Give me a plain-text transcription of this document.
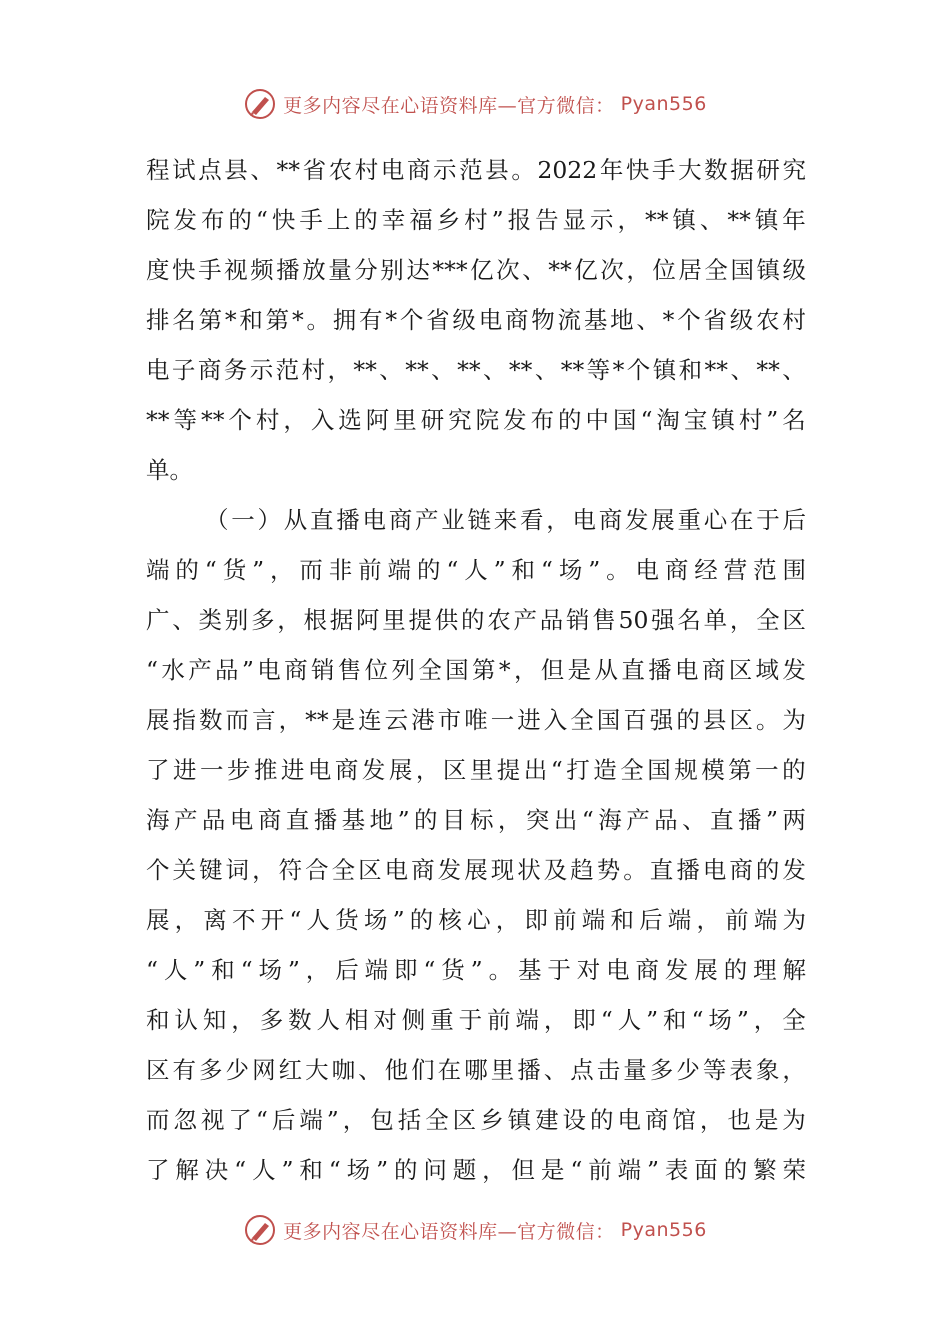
更多内容尽在心语资料库—官方微信： Pyan556
程 试 点 县 、 ** 省 农 村 电 商 示 范 县 。 2022 年 快 手 大 数 据 研 究
院 发 布 的 “ 快 手 上 的 幸 福 乡 村 ” 报 告 显 示 ， ** 镇 、 ** 镇 年
度 快 手 视 频 播 放 量 分 别 达 *** 亿 次 、 ** 亿 次 ， 位 居 全 国 镇 级
排 名 第 * 和 第 * 。 拥 有 * 个 省 级 电 商 物 流 基 地 、 * 个 省 级 农 村
电 子 商 务 示 范 村 ， ** 、 ** 、 ** 、 ** 、 ** 等 * 个 镇 和 ** 、 ** 、
** 等 ** 个 村 ， 入 选 阿 里 研 究 院 发 布 的 中 国 “ 淘 宝 镇 村 ” 名
单。
（ 一 ） 从 直 播 电 商 产 业 链 来 看 ， 电 商 发 展 重 心 在 于 后
端 的 “ 货 ” ， 而 非 前 端 的 “ 人 ” 和 “ 场 ” 。 电 商 经 营 范 围
广 、 类 别 多 ， 根 据 阿 里 提 供 的 农 产 品 销 售 50 强 名 单 ， 全 区
“ 水 产 品 ” 电 商 销 售 位 列 全 国 第 * ， 但 是 从 直 播 电 商 区 域 发
展 指 数 而 言 ， ** 是 连 云 港 市 唯 一 进 入 全 国 百 强 的 县 区 。 为
了 进 一 步 推 进 电 商 发 展 ， 区 里 提 出 “ 打 造 全 国 规 模 第 一 的
海 产 品 电 商 直 播 基 地 ” 的 目 标 ， 突 出 “ 海 产 品 、 直 播 ” 两
个 关 键 词 ， 符 合 全 区 电 商 发 展 现 状 及 趋 势 。 直 播 电 商 的 发
展 ， 离 不 开 “ 人 货 场 ” 的 核 心 ， 即 前 端 和 后 端 ， 前 端 为
“ 人 ” 和 “ 场 ” ， 后 端 即 “ 货 ” 。 基 于 对 电 商 发 展 的 理 解
和 认 知 ， 多 数 人 相 对 侧 重 于 前 端 ， 即 “ 人 ” 和 “ 场 ” ， 全
区 有 多 少 网 红 大 咖 、 他 们 在 哪 里 播 、 点 击 量 多 少 等 表 象 ，
而 忽 视 了 “ 后 端 ” ， 包 括 全 区 乡 镇 建 设 的 电 商 馆 ， 也 是 为
了 解 决 “ 人 ” 和 “ 场 ” 的 问 题 ， 但 是 “ 前 端 ” 表 面 的 繁 荣
更多内容尽在心语资料库—官方微信： Pyan556
